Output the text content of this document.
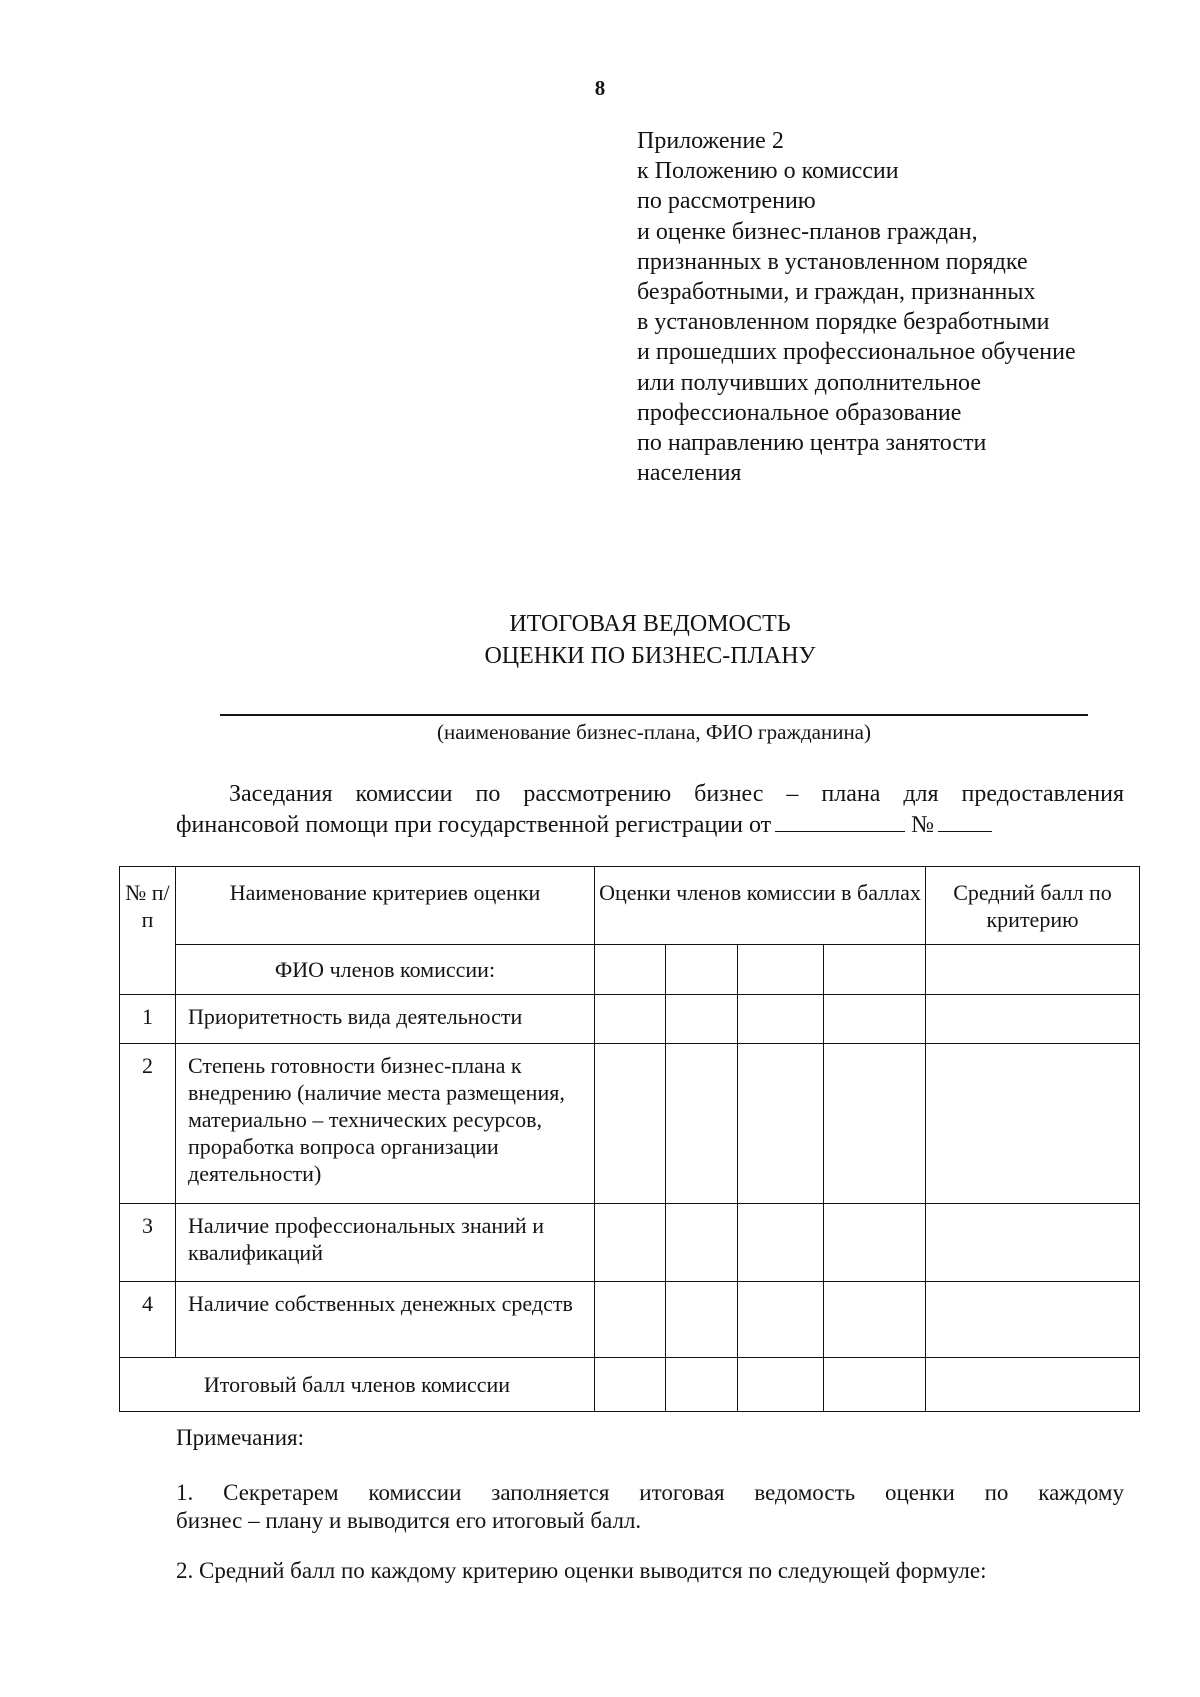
8
Приложение 2
к Положению о комиссии
по рассмотрению
и оценке бизнес-планов граждан,
признанных в установленном порядке
безработными, и граждан, признанных
в установленном порядке безработными
и прошедших профессиональное обучение
или получивших дополнительное
профессиональное образование
по направлению центра занятости
населения
ИТОГОВАЯ ВЕДОМОСТЬ
ОЦЕНКИ ПО БИЗНЕС-ПЛАНУ
(наименование бизнес-плана, ФИО гражданина)
Заседания комиссии по рассмотрению бизнес – плана для предоставления
финансовой помощи при государственной регистрации от	№
№ п/п	Наименование критериев оценки	Оценки членов комиссии в баллах				Средний балл по критерию
	ФИО членов комиссии:					
1	Приоритетность вида деятельности					
2	Степень готовности бизнес-плана к внедрению (наличие места размещения, материально – технических ресурсов, проработка вопроса организации деятельности)					
3	Наличие профессиональных знаний и квалификаций					
4	Наличие собственных денежных средств					
Итоговый балл членов комиссии						
Примечания:
1. Секретарем комиссии заполняется итоговая ведомость оценки по каждому
бизнес – плану и выводится его итоговый балл.
2. Средний балл по каждому критерию оценки выводится по следующей формуле:
